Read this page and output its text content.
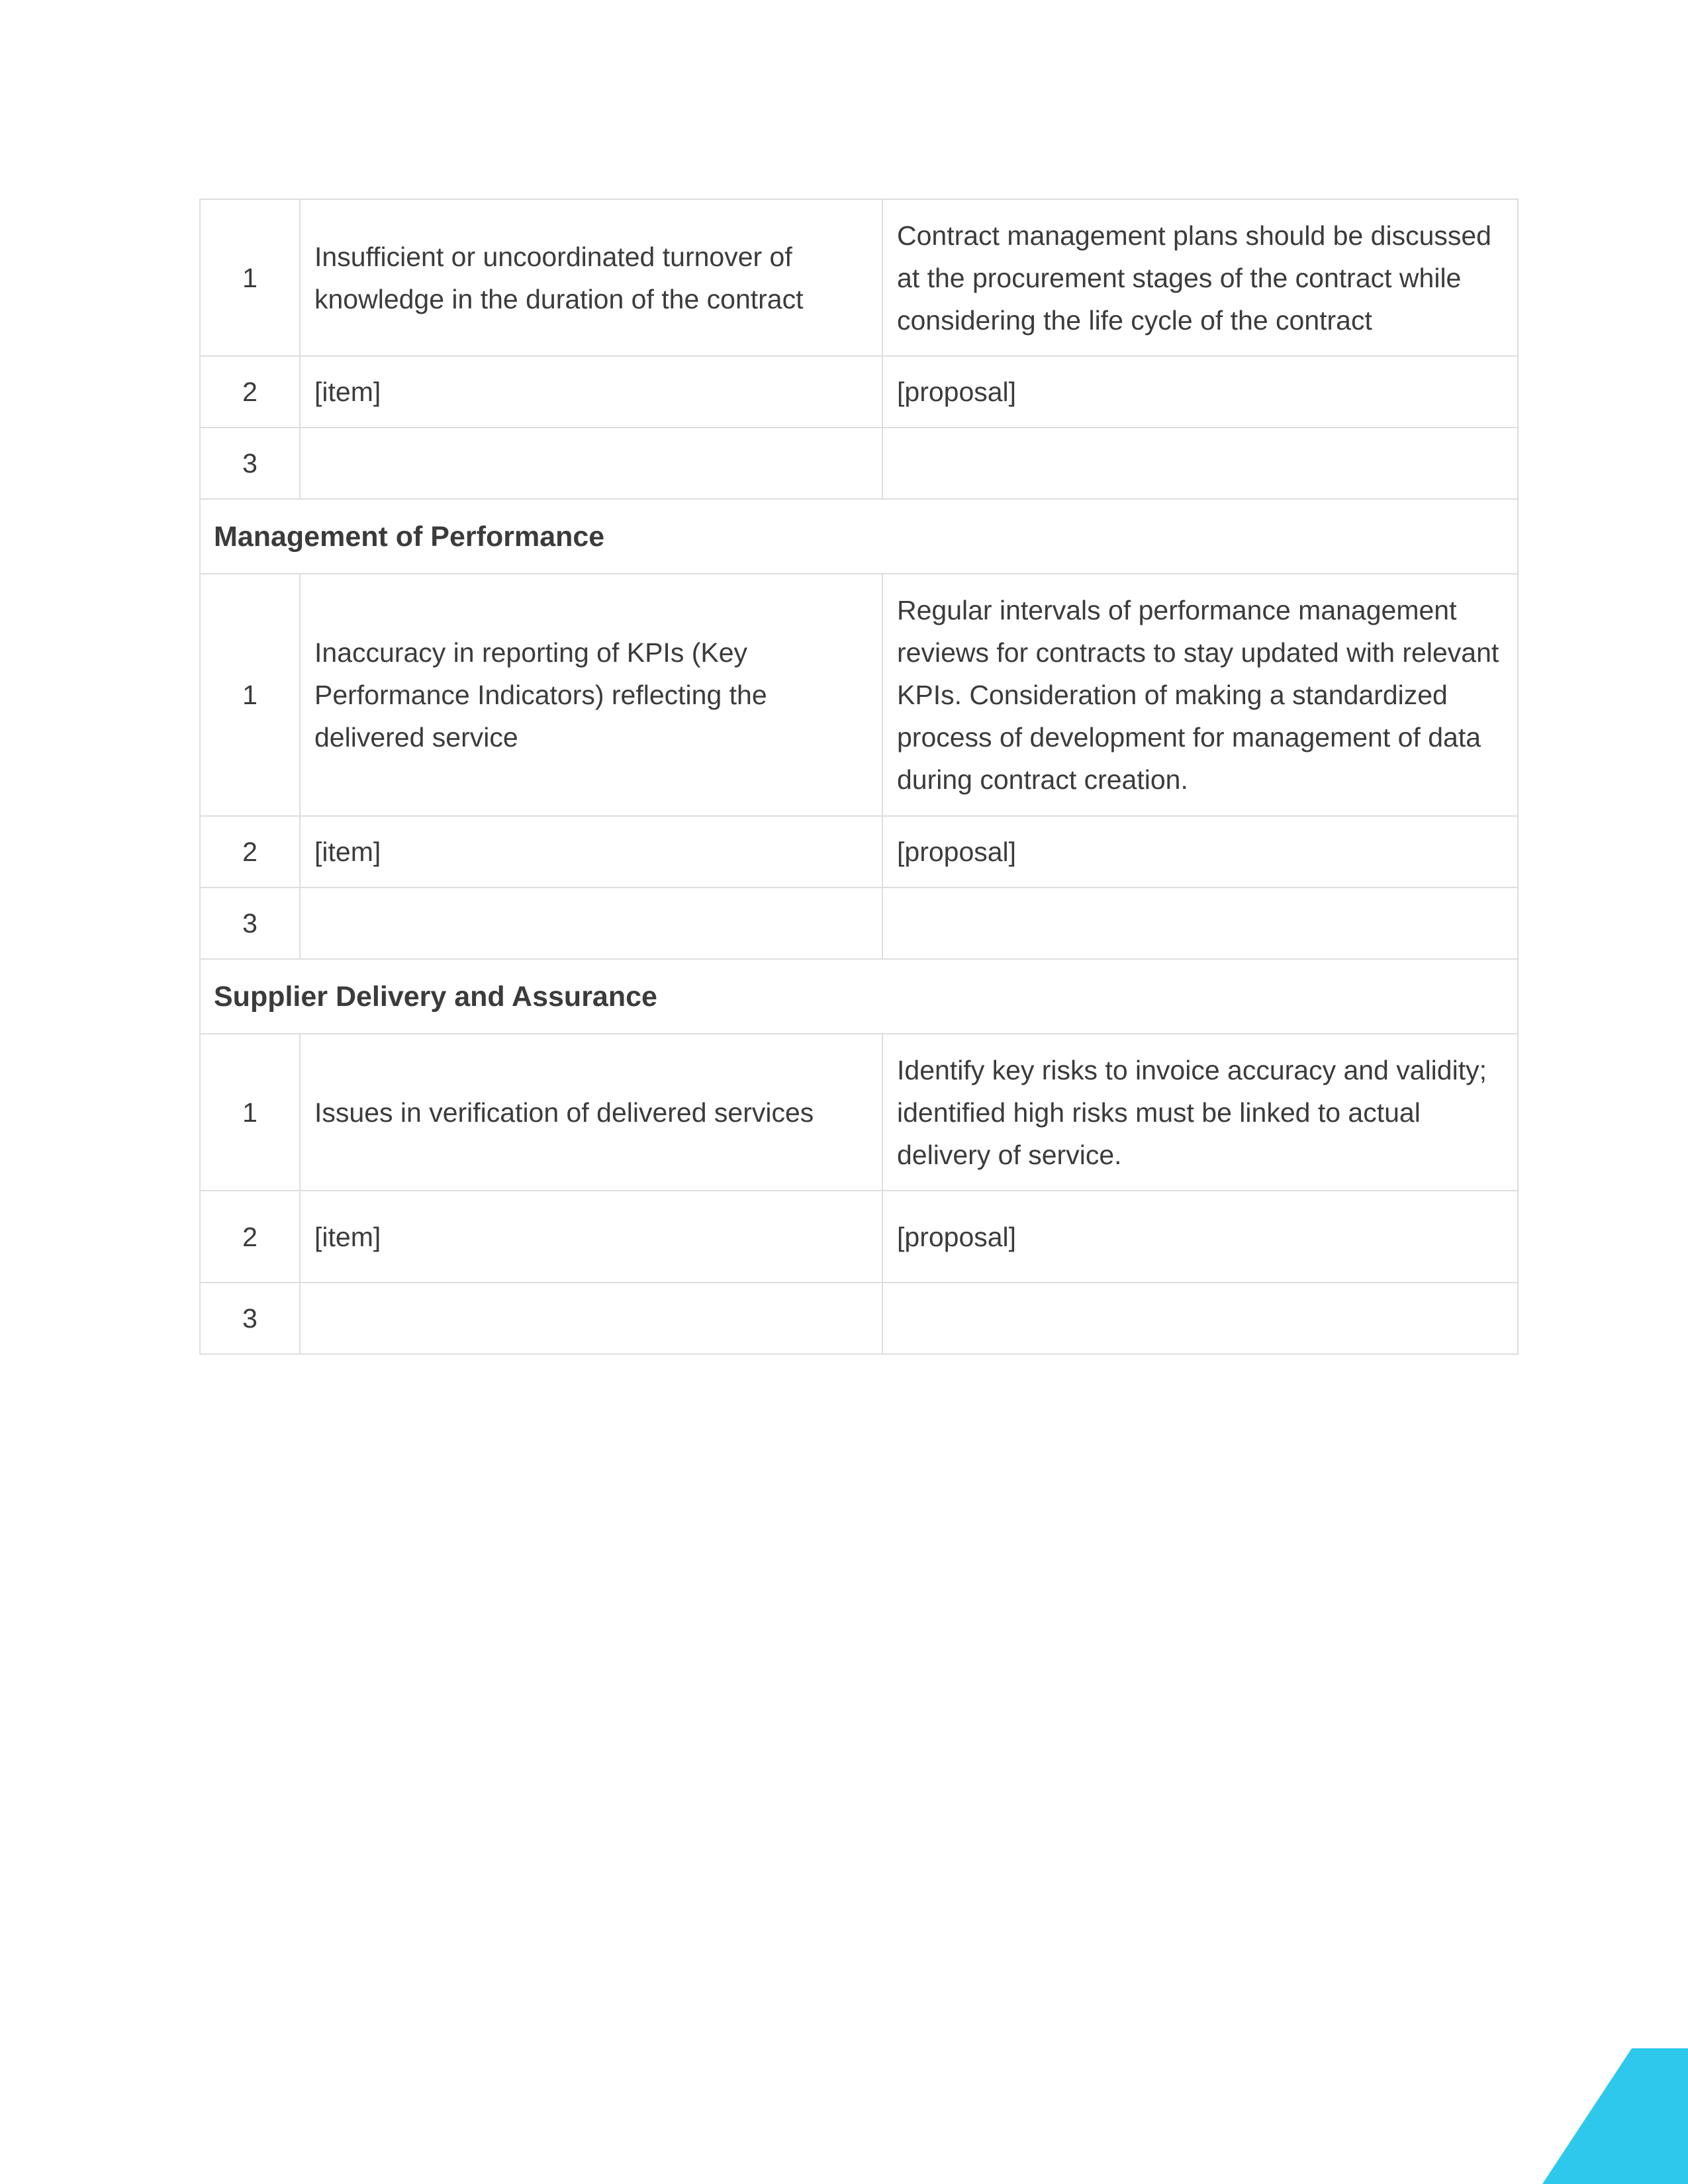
1	Insufficient or uncoordinated turnover of knowledge in the duration of the contract	Contract management plans should be discussed at the procurement stages of the contract while considering the life cycle of the contract
2	[item]	[proposal]
3		
Management of Performance		
1	Inaccuracy in reporting of KPIs (Key Performance Indicators) reflecting the delivered service	Regular intervals of performance management reviews for contracts to stay updated with relevant KPIs. Consideration of making a standardized process of development for management of data during contract creation.
2	[item]	[proposal]
3		
Supplier Delivery and Assurance		
1	Issues in verification of delivered services	Identify key risks to invoice accuracy and validity; identified high risks must be linked to actual delivery of service.
2	[item]	[proposal]
3		
